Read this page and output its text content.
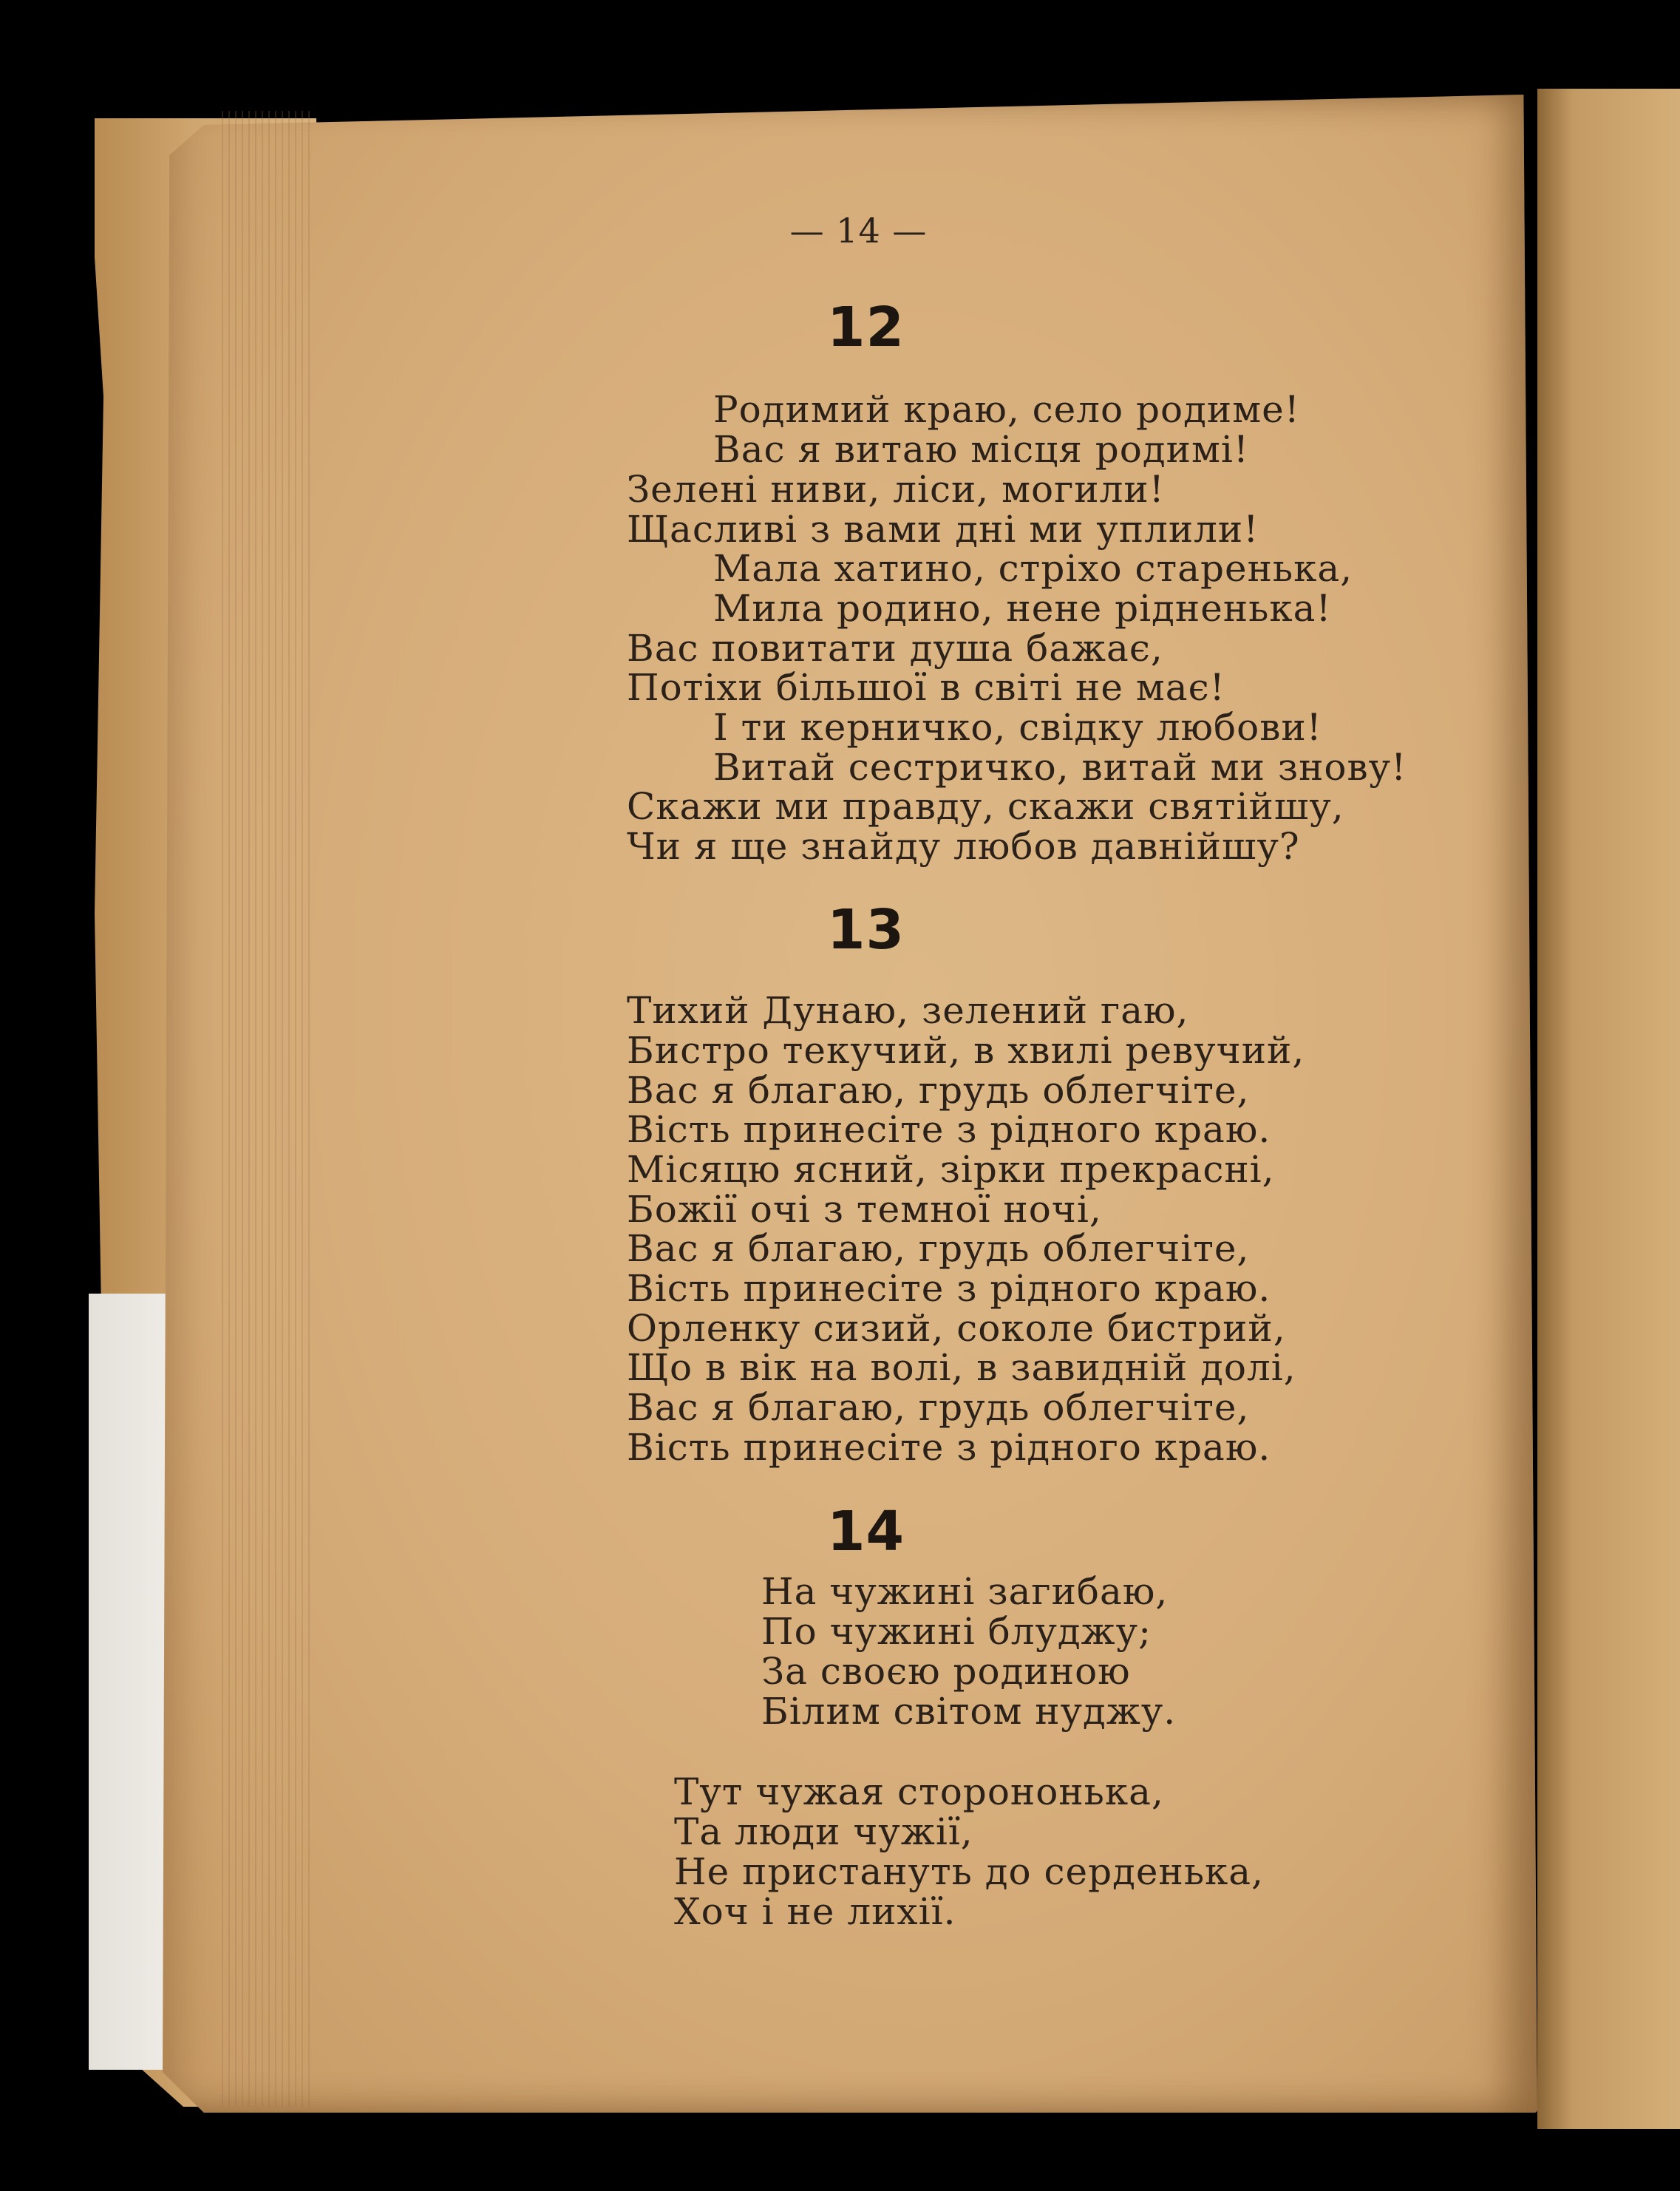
— 14 —
12
Родимий краю, село родиме!
Вас я витаю місця родимі!
Зелені ниви, ліси, могили!
Щасливі з вами дні ми уплили!
Мала хатино, стріхо старенька,
Мила родино, нене рідненька!
Вас повитати душа бажає,
Потіхи більшої в світі не має!
І ти керничко, свідку любови!
Витай сестричко, витай ми знову!
Скажи ми правду, скажи святійшу,
Чи я ще знайду любов давнійшу?
13
Тихий Дунаю, зелений гаю,
Бистро текучий, в хвилі ревучий,
Вас я благаю, грудь облегчіте,
Вість принесіте з рідного краю.
Місяцю ясний, зірки прекрасні,
Божії очі з темної ночі,
Вас я благаю, грудь облегчіте,
Вість принесіте з рідного краю.
Орленку сизий, соколе бистрий,
Що в вік на волі, в завидній долі,
Вас я благаю, грудь облегчіте,
Вість принесіте з рідного краю.
14
На чужині загибаю,
По чужині блуджу;
За своєю родиною
Білим світом нуджу.
Тут чужая сторононька,
Та люди чужії,
Не пристануть до серденька,
Хоч і не лихії.
